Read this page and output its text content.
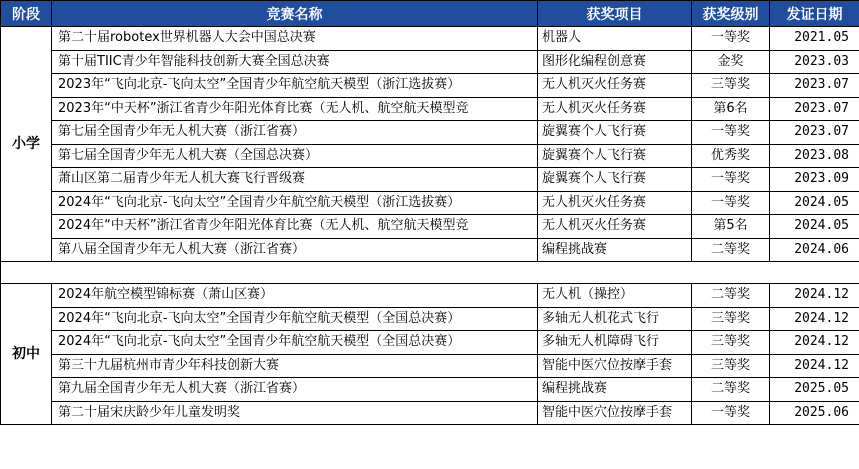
阶段	竞赛名称	获奖项目	获奖级别	发证日期
小学	第二十届robotex世界机器人大会中国总决赛	机器人	一等奖	2021.05
	第十届TIIC青少年智能科技创新大赛全国总决赛	图形化编程创意赛	金奖	2023.03
	2023年“飞向北京-飞向太空”全国青少年航空航天模型（浙江选拔赛）	无人机灭火任务赛	三等奖	2023.07
	2023年“中天杯”浙江省青少年阳光体育比赛（无人机、航空航天模型竞	无人机灭火任务赛	第6名	2023.07
	第七届全国青少年无人机大赛（浙江省赛）	旋翼赛个人飞行赛	一等奖	2023.07
	第七届全国青少年无人机大赛（全国总决赛）	旋翼赛个人飞行赛	优秀奖	2023.08
	萧山区第二届青少年无人机大赛飞行晋级赛	旋翼赛个人飞行赛	一等奖	2023.09
	2024年“飞向北京-飞向太空”全国青少年航空航天模型（浙江选拔赛）	无人机灭火任务赛	一等奖	2024.05
	2024年“中天杯”浙江省青少年阳光体育比赛（无人机、航空航天模型竞	无人机灭火任务赛	第5名	2024.05
	第八届全国青少年无人机大赛（浙江省赛）	编程挑战赛	二等奖	2024.06

初中	2024年航空模型锦标赛（萧山区赛）	无人机（操控）	二等奖	2024.12
	2024年“飞向北京-飞向太空”全国青少年航空航天模型（全国总决赛）	多轴无人机花式飞行	三等奖	2024.12
	2024年“飞向北京-飞向太空”全国青少年航空航天模型（全国总决赛）	多轴无人机障碍飞行	三等奖	2024.12
	第三十九届杭州市青少年科技创新大赛	智能中医穴位按摩手套	三等奖	2024.12
	第九届全国青少年无人机大赛（浙江省赛）	编程挑战赛	二等奖	2025.05
	第二十届宋庆龄少年儿童发明奖	智能中医穴位按摩手套	一等奖	2025.06
